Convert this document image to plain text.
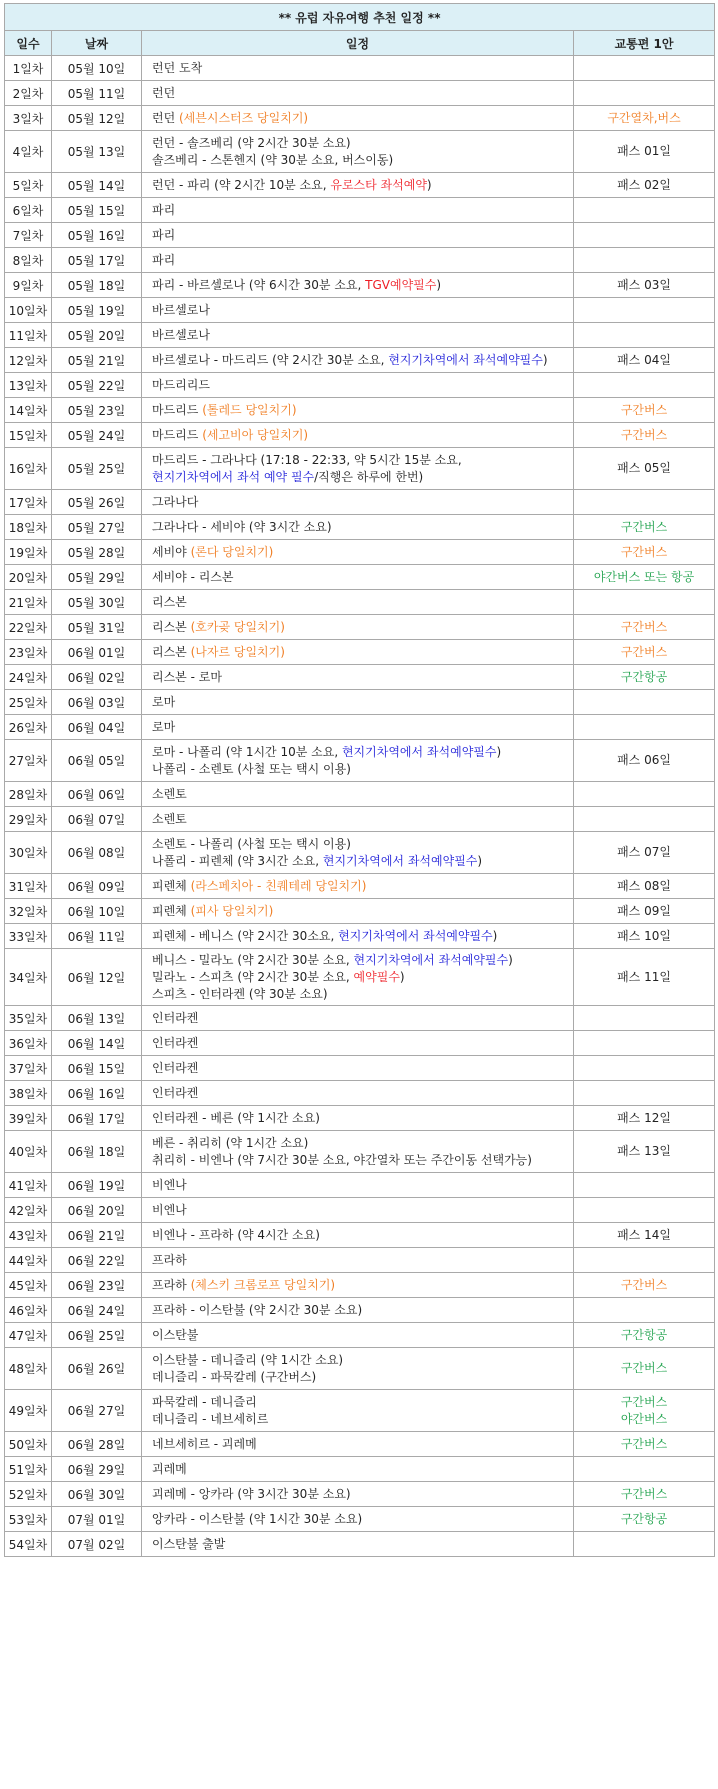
** 유럽 자유여행 추천 일정 **			
일수	날짜	일정	교통편 1안
1일차	05월 10일	런던 도착	

2일차	05월 11일	런던	

3일차	05월 12일	런던 (세븐시스터즈 당일치기)	구간열차,버스

4일차	05월 13일	런던 - 솔즈베리 (약 2시간 30분 소요)
솔즈베리 - 스톤헨지 (약 30분 소요, 버스이동)	패스 01일

5일차	05월 14일	런던 - 파리 (약 2시간 10분 소요, 유로스타 좌석예약)	패스 02일

6일차	05월 15일	파리	

7일차	05월 16일	파리	

8일차	05월 17일	파리	

9일차	05월 18일	파리 - 바르셀로나 (약 6시간 30분 소요, TGV예약필수)	패스 03일

10일차	05월 19일	바르셀로나	

11일차	05월 20일	바르셀로나	

12일차	05월 21일	바르셀로나 - 마드리드 (약 2시간 30분 소요, 현지기차역에서 좌석예약필수)	패스 04일

13일차	05월 22일	마드리리드	

14일차	05월 23일	마드리드 (톨레드 당일치기)	구간버스

15일차	05월 24일	마드리드 (세고비아 당일치기)	구간버스

16일차	05월 25일	마드리드 - 그라나다 (17:18 - 22:33, 약 5시간 15분 소요,
현지기차역에서 좌석 예약 필수/직행은 하루에 한번)	패스 05일

17일차	05월 26일	그라나다	

18일차	05월 27일	그라나다 - 세비야 (약 3시간 소요)	구간버스

19일차	05월 28일	세비야 (론다 당일치기)	구간버스

20일차	05월 29일	세비야 - 리스본	야간버스 또는 항공

21일차	05월 30일	리스본	

22일차	05월 31일	리스본 (호카곶 당일치기)	구간버스

23일차	06월 01일	리스본 (나자르 당일치기)	구간버스

24일차	06월 02일	리스본 - 로마	구간항공

25일차	06월 03일	로마	

26일차	06월 04일	로마	

27일차	06월 05일	로마 - 나폴리 (약 1시간 10분 소요, 현지기차역에서 좌석예약필수)
나폴리 - 소렌토 (사철 또는 택시 이용)	패스 06일

28일차	06월 06일	소렌토	

29일차	06월 07일	소렌토	

30일차	06월 08일	소렌토 - 나폴리 (사철 또는 택시 이용)
나폴리 - 피렌체 (약 3시간 소요, 현지기차역에서 좌석예약필수)	패스 07일

31일차	06월 09일	피렌체 (라스페치아 - 친퀘테레 당일치기)	패스 08일

32일차	06월 10일	피렌체 (피사 당일치기)	패스 09일

33일차	06월 11일	피렌체 - 베니스 (약 2시간 30소요, 현지기차역에서 좌석예약필수)	패스 10일

34일차	06월 12일	베니스 - 밀라노 (약 2시간 30분 소요, 현지기차역에서 좌석예약필수)
밀라노 - 스피츠 (약 2시간 30분 소요, 예약필수)
스피츠 - 인터라켄 (약 30분 소요)	패스 11일

35일차	06월 13일	인터라켄	

36일차	06월 14일	인터라켄	

37일차	06월 15일	인터라켄	

38일차	06월 16일	인터라켄	

39일차	06월 17일	인터라켄 - 베른 (약 1시간 소요)	패스 12일

40일차	06월 18일	베른 - 취리히 (약 1시간 소요)
취리히 - 비엔나 (약 7시간 30분 소요, 야간열차 또는 주간이동 선택가능)	패스 13일

41일차	06월 19일	비엔나	

42일차	06월 20일	비엔나	

43일차	06월 21일	비엔나 - 프라하 (약 4시간 소요)	패스 14일

44일차	06월 22일	프라하	

45일차	06월 23일	프라하 (체스키 크롬로프 당일치기)	구간버스

46일차	06월 24일	프라하 - 이스탄불 (약 2시간 30분 소요)	

47일차	06월 25일	이스탄불	구간항공

48일차	06월 26일	이스탄불 - 데니즐리 (약 1시간 소요)
데니즐리 - 파묵칼레 (구간버스)	구간버스

49일차	06월 27일	파묵칼레 - 데니즐리
데니즐리 - 네브세히르	구간버스
야간버스

50일차	06월 28일	네브세히르 - 괴레메	구간버스

51일차	06월 29일	괴레메	

52일차	06월 30일	괴레메 - 앙카라 (약 3시간 30분 소요)	구간버스

53일차	07월 01일	앙카라 - 이스탄불 (약 1시간 30분 소요)	구간항공

54일차	07월 02일	이스탄불 출발	
